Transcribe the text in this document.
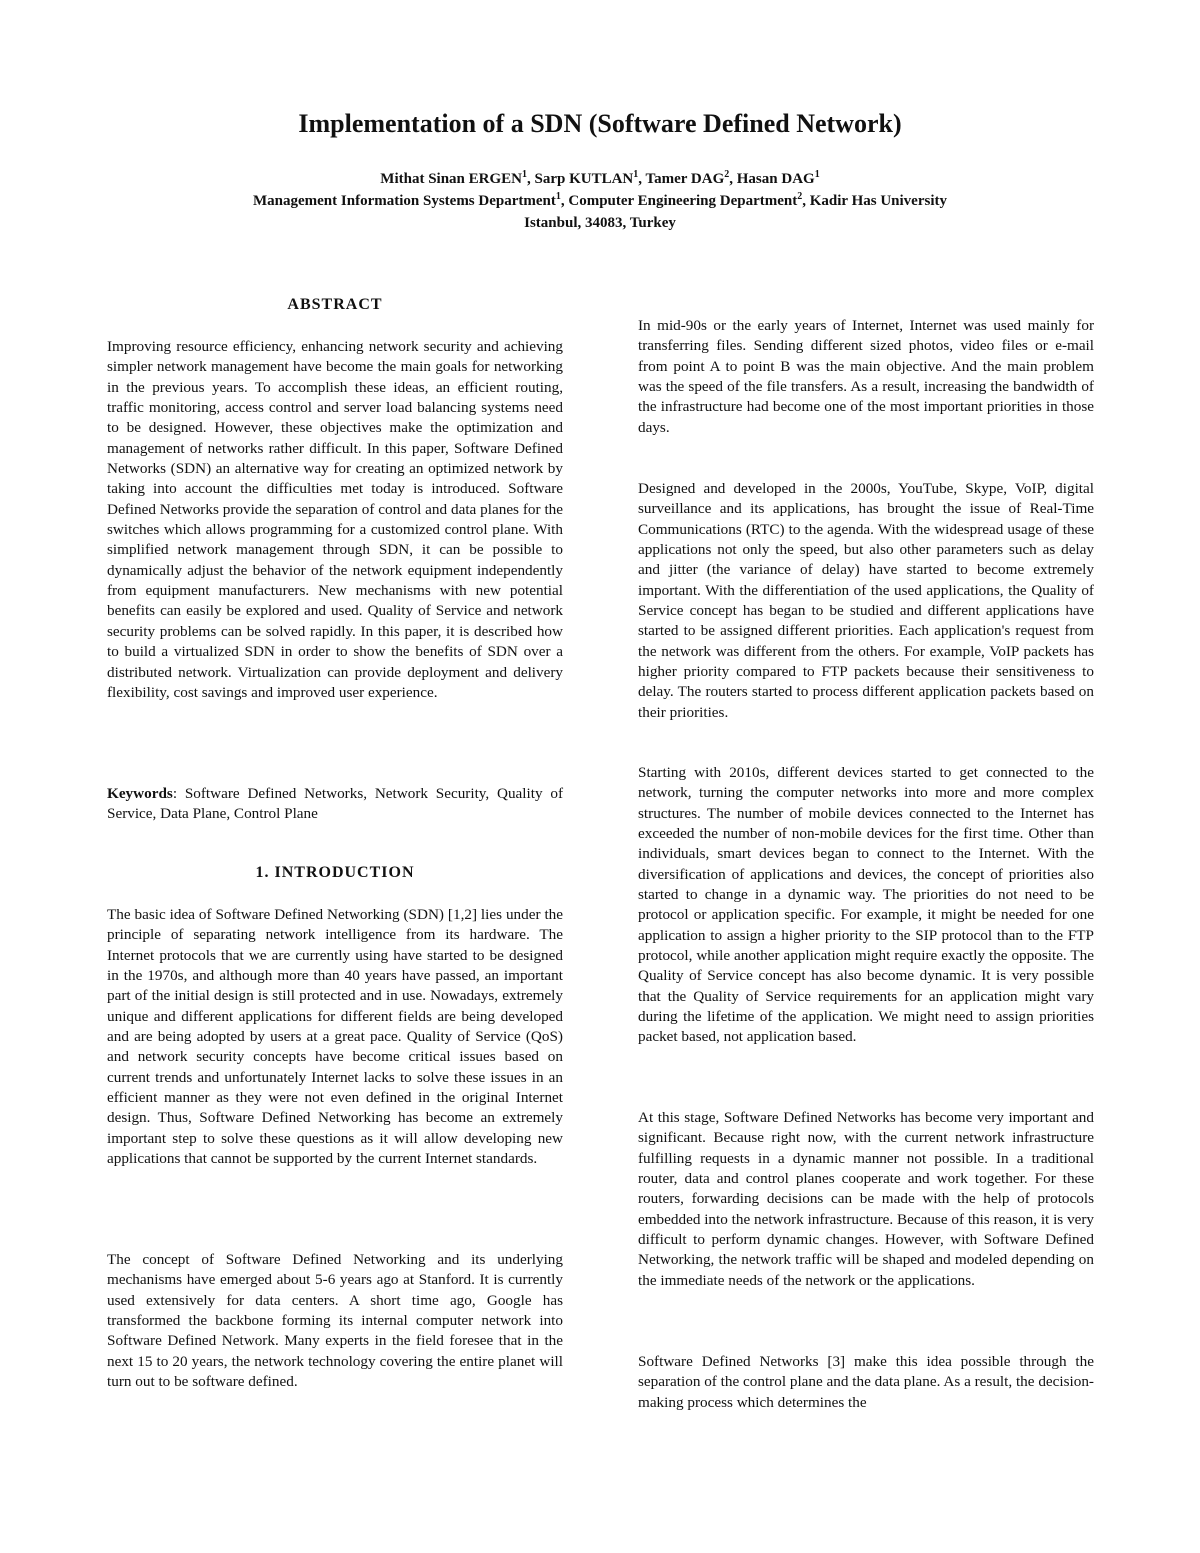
Implementation of a SDN (Software Defined Network)
Mithat Sinan ERGEN$^1$, Sarp KUTLAN$^1$, Tamer DAG$^2$, Hasan DAG$^1$
Management Information Systems Department$^1$, Computer Engineering Department$^2$, Kadir Has University
Istanbul, 34083, Turkey
ABSTRACT

Improving resource efficiency, enhancing network security and achieving simpler network management have become the main goals for networking in the previous years. To accomplish these ideas, an efficient routing, traffic monitoring, access control and server load balancing systems need to be designed. However, these objectives make the optimization and management of networks rather difficult. In this paper, Software Defined Networks (SDN) an alternative way for creating an optimized network by taking into account the difficulties met today is introduced. Software Defined Networks provide the separation of control and data planes for the switches which allows programming for a customized control plane. With simplified network management through SDN, it can be possible to dynamically adjust the behavior of the network equipment independently from equipment manufacturers. New mechanisms with new potential benefits can easily be explored and used. Quality of Service and network security problems can be solved rapidly. In this paper, it is described how to build a virtualized SDN in order to show the benefits of SDN over a distributed network. Virtualization can provide deployment and delivery flexibility, cost savings and improved user experience.

Keywords: Software Defined Networks, Network Security, Quality of Service, Data Plane, Control Plane

1. INTRODUCTION

The basic idea of Software Defined Networking (SDN) [1,2] lies under the principle of separating network intelligence from its hardware. The Internet protocols that we are currently using have started to be designed in the 1970s, and although more than 40 years have passed, an important part of the initial design is still protected and in use. Nowadays, extremely unique and different applications for different fields are being developed and are being adopted by users at a great pace. Quality of Service (QoS) and network security concepts have become critical issues based on current trends and unfortunately Internet lacks to solve these issues in an efficient manner as they were not even defined in the original Internet design. Thus, Software Defined Networking has become an extremely important step to solve these questions as it will allow developing new applications that cannot be supported by the current Internet standards.

The concept of Software Defined Networking and its underlying mechanisms have emerged about 5-6 years ago at Stanford. It is currently used extensively for data centers. A short time ago, Google has transformed the backbone forming its internal computer network into Software Defined Network. Many experts in the field foresee that in the next 15 to 20 years, the network technology covering the entire planet will turn out to be software defined.

In mid-90s or the early years of Internet, Internet was used mainly for transferring files. Sending different sized photos, video files or e-mail from point A to point B was the main objective. And the main problem was the speed of the file transfers. As a result, increasing the bandwidth of the infrastructure had become one of the most important priorities in those days.

Designed and developed in the 2000s, YouTube, Skype, VoIP, digital surveillance and its applications, has brought the issue of Real-Time Communications (RTC) to the agenda. With the widespread usage of these applications not only the speed, but also other parameters such as delay and jitter (the variance of delay) have started to become extremely important. With the differentiation of the used applications, the Quality of Service concept has began to be studied and different applications have started to be assigned different priorities. Each application's request from the network was different from the others. For example, VoIP packets has higher priority compared to FTP packets because their sensitiveness to delay. The routers started to process different application packets based on their priorities.

Starting with 2010s, different devices started to get connected to the network, turning the computer networks into more and more complex structures. The number of mobile devices connected to the Internet has exceeded the number of non-mobile devices for the first time. Other than individuals, smart devices began to connect to the Internet. With the diversification of applications and devices, the concept of priorities also started to change in a dynamic way. The priorities do not need to be protocol or application specific. For example, it might be needed for one application to assign a higher priority to the SIP protocol than to the FTP protocol, while another application might require exactly the opposite. The Quality of Service concept has also become dynamic. It is very possible that the Quality of Service requirements for an application might vary during the lifetime of the application. We might need to assign priorities packet based, not application based.

At this stage, Software Defined Networks has become very important and significant. Because right now, with the current network infrastructure fulfilling requests in a dynamic manner not possible. In a traditional router, data and control planes cooperate and work together. For these routers, forwarding decisions can be made with the help of protocols embedded into the network infrastructure. Because of this reason, it is very difficult to perform dynamic changes. However, with Software Defined Networking, the network traffic will be shaped and modeled depending on the immediate needs of the network or the applications.

Software Defined Networks [3] make this idea possible through the separation of the control plane and the data plane. As a result, the decision-making process which determines the
